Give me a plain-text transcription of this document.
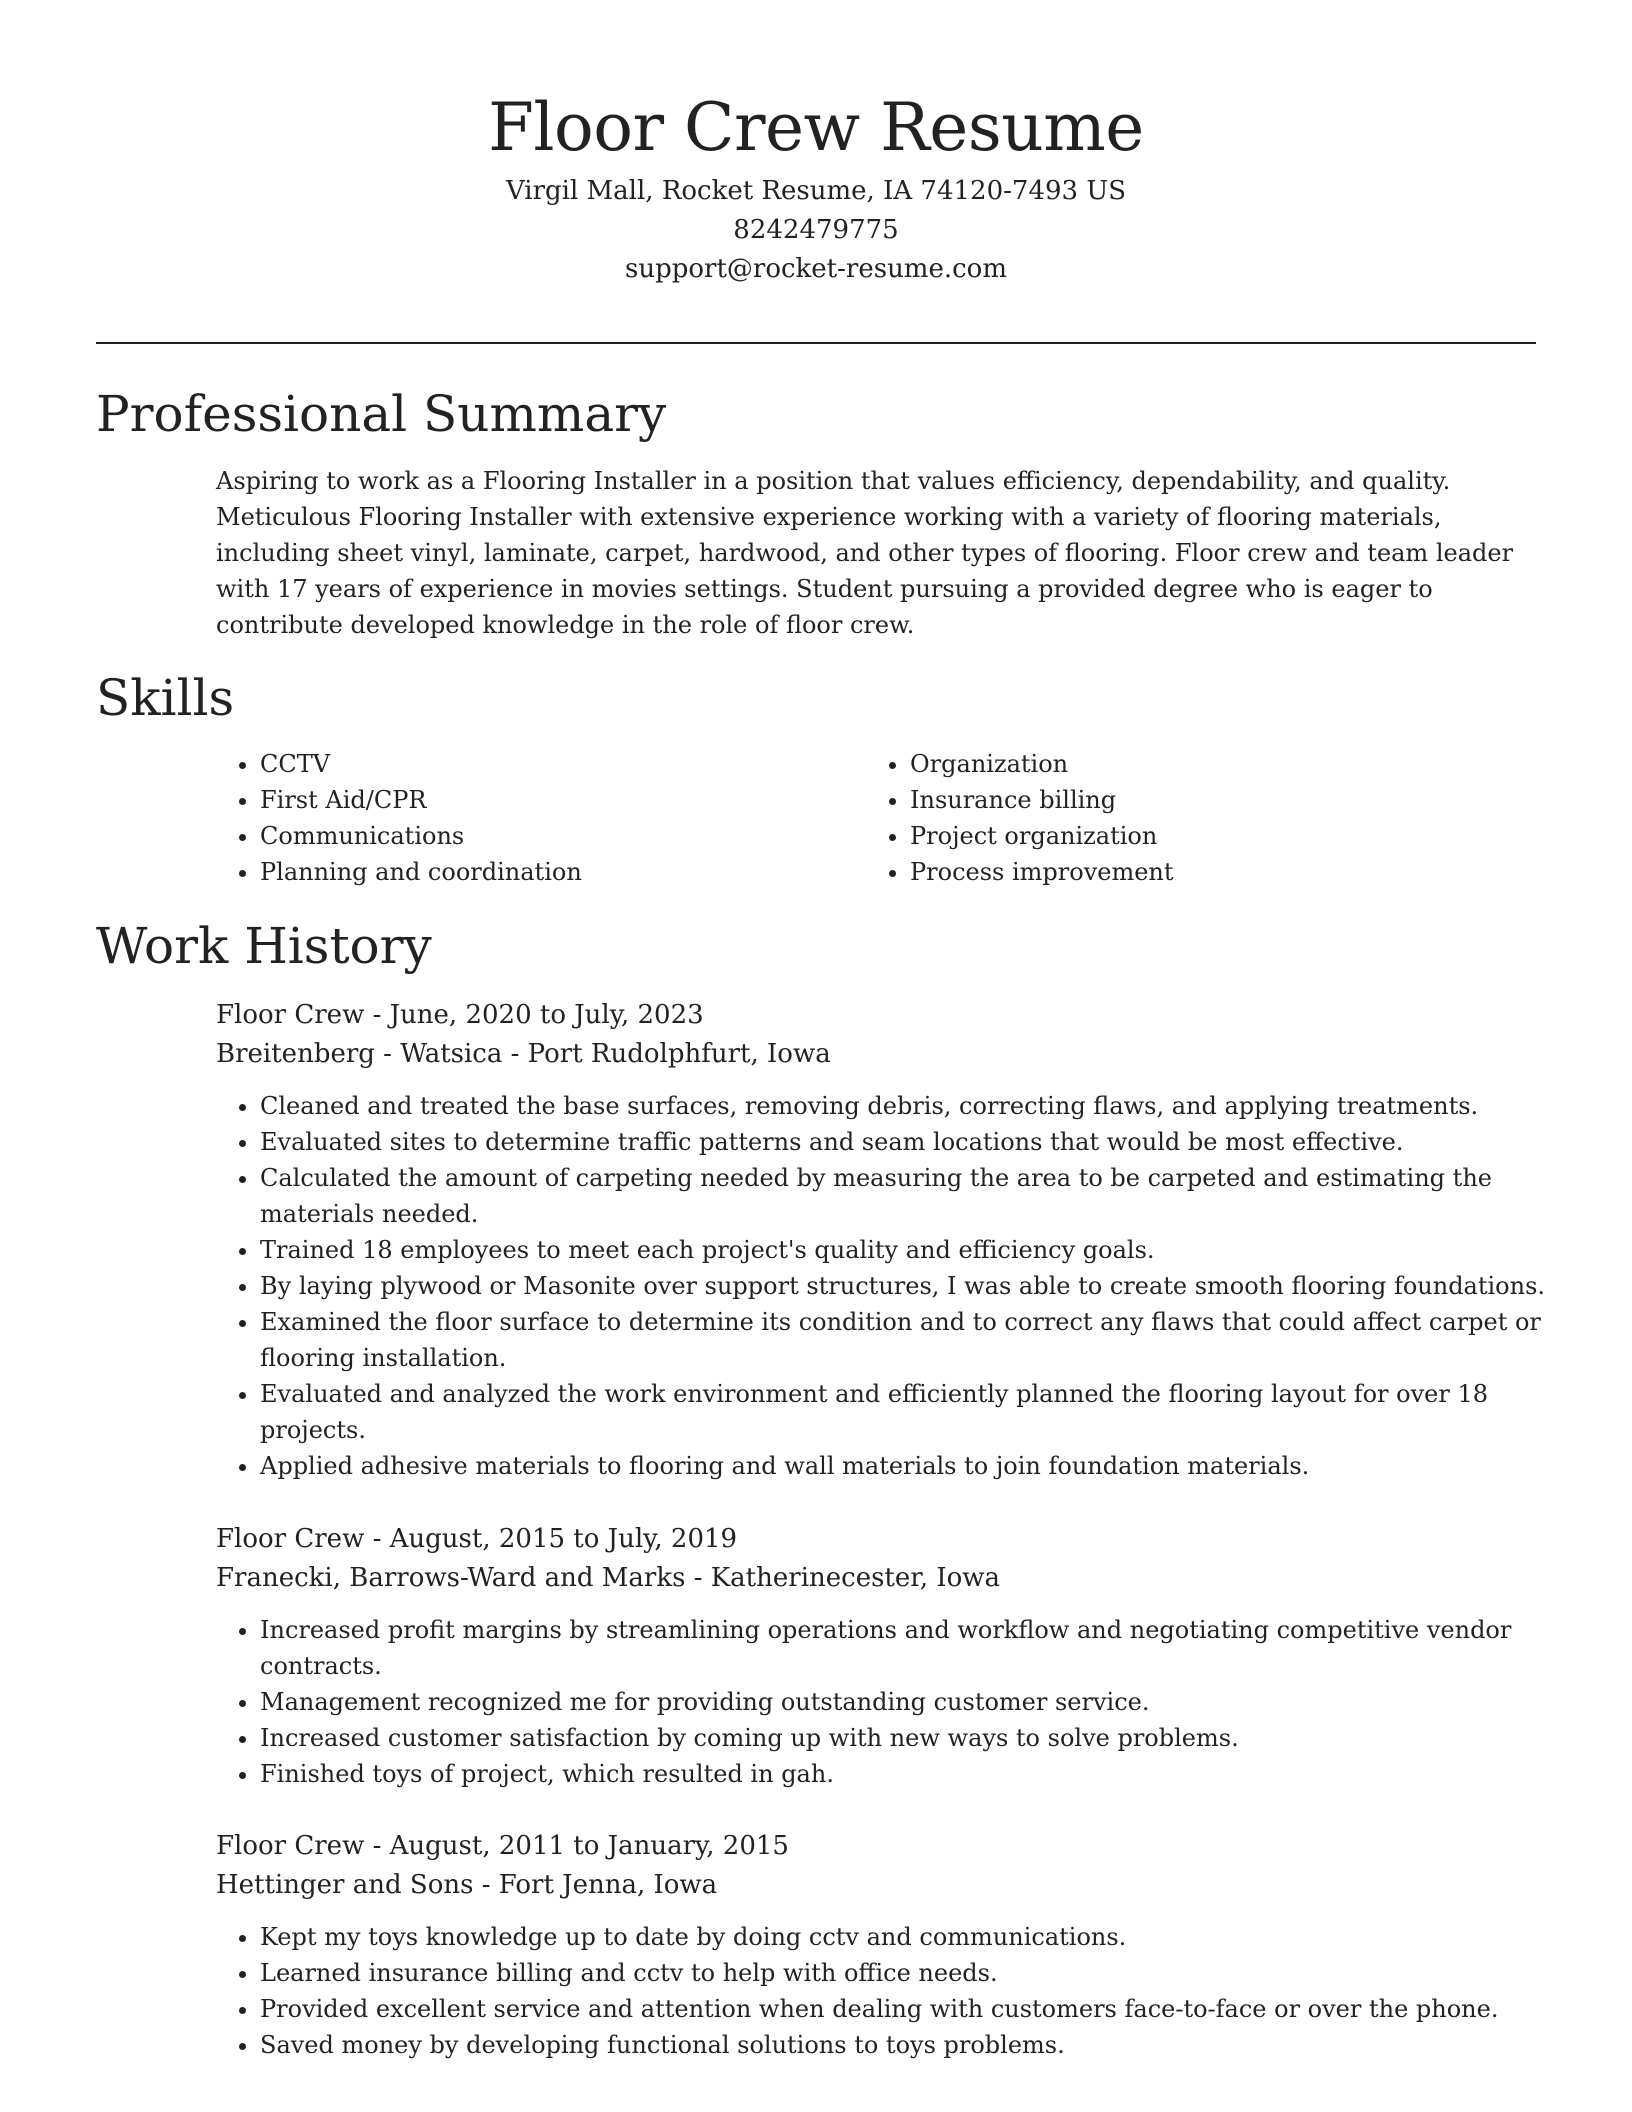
Floor Crew Resume
Virgil Mall, Rocket Resume, IA 74120-7493 US
8242479775
support@rocket-resume.com
Professional Summary

Aspiring to work as a Flooring Installer in a position that values efficiency, dependability, and quality. Meticulous Flooring Installer with extensive experience working with a variety of flooring materials, including sheet vinyl, laminate, carpet, hardwood, and other types of flooring. Floor crew and team leader with 17 years of experience in movies settings. Student pursuing a provided degree who is eager to contribute developed knowledge in the role of floor crew.

Skills
• CCTV
• First Aid/CPR
• Communications
• Planning and coordination
• Organization
• Insurance billing
• Project organization
• Process improvement
Work History
Floor Crew - June, 2020 to July, 2023
Breitenberg - Watsica - Port Rudolphfurt, Iowa
• Cleaned and treated the base surfaces, removing debris, correcting flaws, and applying treatments.
• Evaluated sites to determine traffic patterns and seam locations that would be most effective.
• Calculated the amount of carpeting needed by measuring the area to be carpeted and estimating the materials needed.
• Trained 18 employees to meet each project's quality and efficiency goals.
• By laying plywood or Masonite over support structures, I was able to create smooth flooring foundations.
• Examined the floor surface to determine its condition and to correct any flaws that could affect carpet or flooring installation.
• Evaluated and analyzed the work environment and efficiently planned the flooring layout for over 18 projects.
• Applied adhesive materials to flooring and wall materials to join foundation materials.
Floor Crew - August, 2015 to July, 2019
Franecki, Barrows-Ward and Marks - Katherinecester, Iowa
• Increased profit margins by streamlining operations and workflow and negotiating competitive vendor contracts.
• Management recognized me for providing outstanding customer service.
• Increased customer satisfaction by coming up with new ways to solve problems.
• Finished toys of project, which resulted in gah.
Floor Crew - August, 2011 to January, 2015
Hettinger and Sons - Fort Jenna, Iowa
• Kept my toys knowledge up to date by doing cctv and communications.
• Learned insurance billing and cctv to help with office needs.
• Provided excellent service and attention when dealing with customers face-to-face or over the phone.
• Saved money by developing functional solutions to toys problems.
